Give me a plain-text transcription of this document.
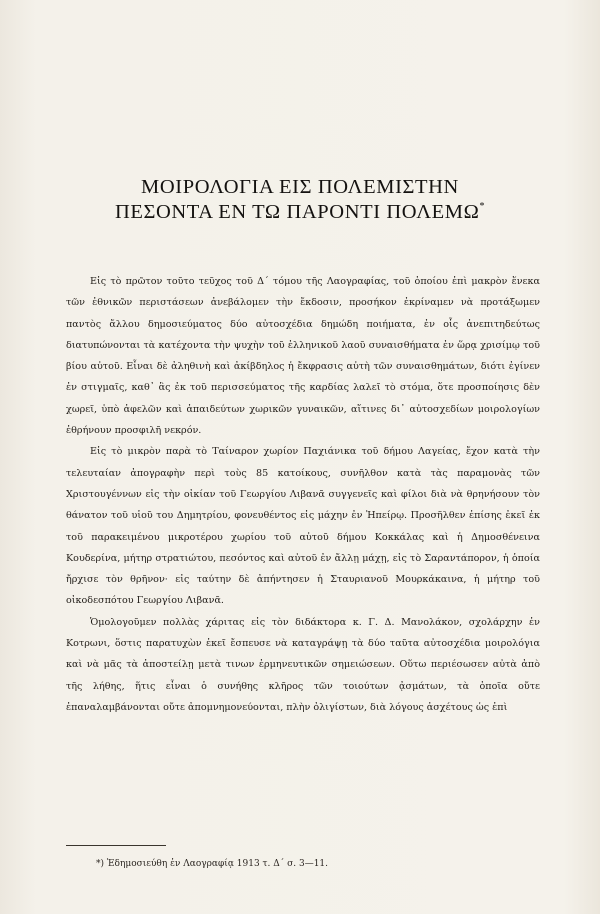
ΜΟΙΡΟΛΟΓΙΑ ΕΙΣ ΠΟΛΕΜΙΣΤΗΝ
ΠΕΣΟΝΤΑ ΕΝ ΤΩ ΠΑΡΟΝΤΙ ΠΟΛΕΜΩ*

Εἰς τὸ πρῶτον τοῦτο τεῦχος τοῦ Δ΄ τόμου τῆς Λαογραφίας, τοῦ ὁποίου ἐπὶ μακρὸν ἕνεκα τῶν ἐθνικῶν περιστάσεων ἀνεβάλομεν τὴν ἔκδοσιν, προσήκον ἐκρίναμεν νὰ προτάξωμεν παντὸς ἄλλου δημοσιεύματος δύο αὐτοσχέδια δημώδη ποιήματα, ἐν οἷς ἀνεπιτηδεύτως διατυπώνονται τὰ κατέχοντα τὴν ψυχὴν τοῦ ἑλληνικοῦ λαοῦ συναισθήματα ἐν ὥρᾳ χρισίμῳ τοῦ βίου αὐτοῦ. Εἶναι δὲ ἀληθινὴ καὶ ἀκίβδηλος ἡ ἔκφρασις αὐτὴ τῶν συναισθημάτων, διότι ἐγίνεν ἐν στιγμαῖς, καθ᾽ ἃς ἐκ τοῦ περισσεύματος τῆς καρδίας λαλεῖ τὸ στόμα, ὅτε προσποίησις δὲν χωρεῖ, ὑπὸ ἀφελῶν καὶ ἀπαιδεύτων χωρικῶν γυναικῶν, αἵτινες δι᾽ αὐτοσχεδίων μοιρολογίων ἐθρήνουν προσφιλῆ νεκρόν.

Εἰς τὸ μικρὸν παρὰ τὸ Ταίναρον χωρίον Παχιάνικα τοῦ δήμου Λαγείας, ἔχον κατὰ τὴν τελευταίαν ἀπογραφὴν περὶ τοὺς 85 κατοίκους, συνῆλθον κατὰ τὰς παραμονὰς τῶν Χριστουγέννων εἰς τὴν οἰκίαν τοῦ Γεωργίου Λιβανᾶ συγγενεῖς καὶ φίλοι διὰ νὰ θρηνήσουν τὸν θάνατον τοῦ υἱοῦ του Δημητρίου, φονευθέντος εἰς μάχην ἐν Ἠπείρῳ. Προσῆλθεν ἐπίσης ἐκεῖ ἐκ τοῦ παρακειμένου μικροτέρου χωρίου τοῦ αὐτοῦ δήμου Κοκκάλας καὶ ἡ Δημοσθένεινα Κουδερίνα, μήτηρ στρατιώτου, πεσόντος καὶ αὐτοῦ ἐν ἄλλῃ μάχῃ, εἰς τὸ Σαραντάπορον, ἡ ὁποία ἤρχισε τὸν θρῆνον· εἰς ταύτην δὲ ἀπήντησεν ἡ Σταυριανοῦ Μουρκάκαινα, ἡ μήτηρ τοῦ οἰκοδεσπότου Γεωργίου Λιβανᾶ.

Ὁμολογοῦμεν πολλὰς χάριτας εἰς τὸν διδάκτορα κ. Γ. Δ. Μανολάκον, σχολάρχην ἐν Κοτρωνι, ὅστις παρατυχὼν ἐκεῖ ἔσπευσε νὰ καταγράψῃ τὰ δύο ταῦτα αὐτοσχέδια μοιρολόγια καὶ νὰ μᾶς τὰ ἀποστείλῃ μετὰ τινων ἑρμηνευτικῶν σημειώσεων. Οὕτω περιέσωσεν αὐτὰ ἀπὸ τῆς λήθης, ἥτις εἶναι ὁ συνήθης κλῆρος τῶν τοιούτων ᾀσμάτων, τὰ ὁποῖα οὔτε ἐπαναλαμβάνονται οὔτε ἀπομνημονεύονται, πλὴν ὀλιγίστων, διὰ λόγους ἀσχέτους ὡς ἐπὶ

*) Ἐδημοσιεύθη ἐν Λαογραφίᾳ 1913 τ. Δ΄ σ. 3—11.
